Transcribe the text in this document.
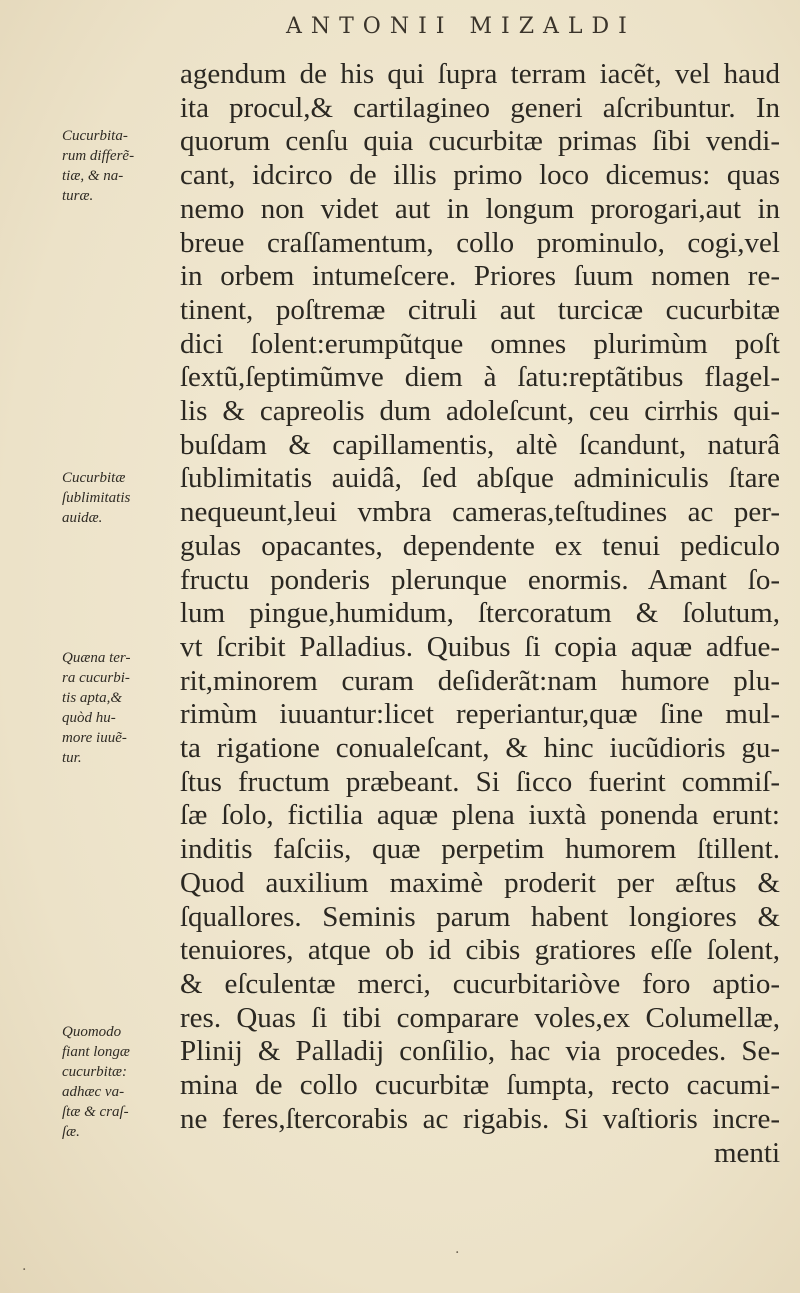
ANTONII MIZALDI
agendum de his qui ſupra terram iacẽt, vel haud
ita procul,& cartilagineo generi aſcribuntur. In
quorum cenſu quia cucurbitæ primas ſibi vendi-
cant, idcirco de illis primo loco dicemus: quas
nemo non videt aut in longum prorogari,aut in
breue craſſamentum, collo prominulo, cogi,vel
in orbem intumeſcere. Priores ſuum nomen re-
tinent, poſtremæ citruli aut turcicæ cucurbitæ
dici ſolent:erumpũtque omnes plurimùm poſt
ſextũ,ſeptimũmve diem à ſatu:reptãtibus flagel-
lis & capreolis dum adoleſcunt, ceu cirrhis qui-
buſdam & capillamentis, altè ſcandunt, naturâ
ſublimitatis auidâ, ſed abſque adminiculis ſtare
nequeunt,leui vmbra cameras,teſtudines ac per-
gulas opacantes, dependente ex tenui pediculo
fructu ponderis plerunque enormis. Amant ſo-
lum pingue,humidum, ſtercoratum & ſolutum,
vt ſcribit Palladius. Quibus ſi copia aquæ adfue-
rit,minorem curam deſiderãt:nam humore plu-
rimùm iuuantur:licet reperiantur,quæ ſine mul-
ta rigatione conualeſcant, & hinc iucũdioris gu-
ſtus fructum præbeant. Si ſicco fuerint commiſ-
ſæ ſolo, fictilia aquæ plena iuxtà ponenda erunt:
inditis faſciis, quæ perpetim humorem ſtillent.
Quod auxilium maximè proderit per æſtus &
ſquallores. Seminis parum habent longiores &
tenuiores, atque ob id cibis gratiores eſſe ſolent,
& eſculentæ merci, cucurbitariòve foro aptio-
res. Quas ſi tibi comparare voles,ex Columellæ,
Plinij & Palladij conſilio, hac via procedes. Se-
mina de collo cucurbitæ ſumpta, recto cacumi-
ne feres,ſtercorabis ac rigabis. Si vaſtioris incre-
menti
Cucurbita-
rum differẽ-
tiæ, & na-
turæ.
Cucurbitæ
ſublimitatis
auidæ.
Quæna ter-
ra cucurbi-
tis apta,&
quòd hu-
more iuuẽ-
tur.
Quomodo
fiant longæ
cucurbitæ:
adhæc va-
ſtæ & craſ-
ſæ.
·
·
